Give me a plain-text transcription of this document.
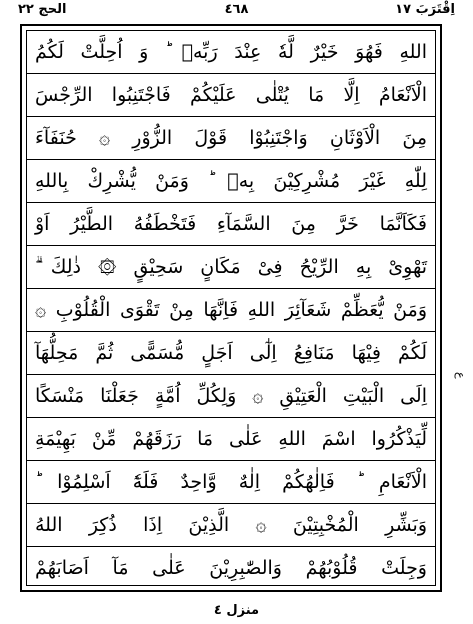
اِقْتَرَبَ ١٧
٤٦٨
الحج ٢٢
اللهِ فَهُوَ خَيْرٌ لَّهٗ عِنْدَ رَبِّهٖ ؕ وَ اُحِلَّتْ لَكُمُ
الْاَنْعَامُ اِلَّا مَا يُتْلٰى عَلَيْكُمْ فَاجْتَنِبُوا الرِّجْسَ
مِنَ الْاَوْثَانِ وَاجْتَنِبُوْا قَوْلَ الزُّوْرِ ۞ حُنَفَآءَ
لِلّٰهِ غَيْرَ مُشْرِكِيْنَ بِهٖ ؕ وَمَنْ يُّشْرِكْ بِاللهِ
فَكَاَنَّمَا خَرَّ مِنَ السَّمَآءِ فَتَخْطَفُهُ الطَّيْرُ اَوْ
تَهْوِىْ بِهِ الرِّيْحُ فِىْ مَكَانٍ سَحِيْقٍ ۞ ذٰلِكَ ۗ
وَمَنْ يُّعَظِّمْ شَعَآئِرَ اللهِ فَاِنَّهَا مِنْ تَقْوَى الْقُلُوْبِ ۞
لَكُمْ فِيْهَا مَنَافِعُ اِلٰٓى اَجَلٍ مُّسَمًّى ثُمَّ مَحِلُّهَآ
اِلَى الْبَيْتِ الْعَتِيْقِ ۞ وَلِكُلِّ اُمَّةٍ جَعَلْنَا مَنْسَكًا
لِّيَذْكُرُوا اسْمَ اللهِ عَلٰى مَا رَزَقَهُمْ مِّنْ بَهِيْمَةِ
الْاَنْعَامِ ؕ فَاِلٰهُكُمْ اِلٰهٌ وَّاحِدٌ فَلَهٗٓ اَسْلِمُوْا ؕ
وَبَشِّرِ الْمُخْبِتِيْنَ ۞ الَّذِيْنَ اِذَا ذُكِرَ اللهُ
وَجِلَتْ قُلُوْبُهُمْ وَالصّٰبِرِيْنَ عَلٰى مَآ اَصَابَهُمْ
ع
منزل ٤
